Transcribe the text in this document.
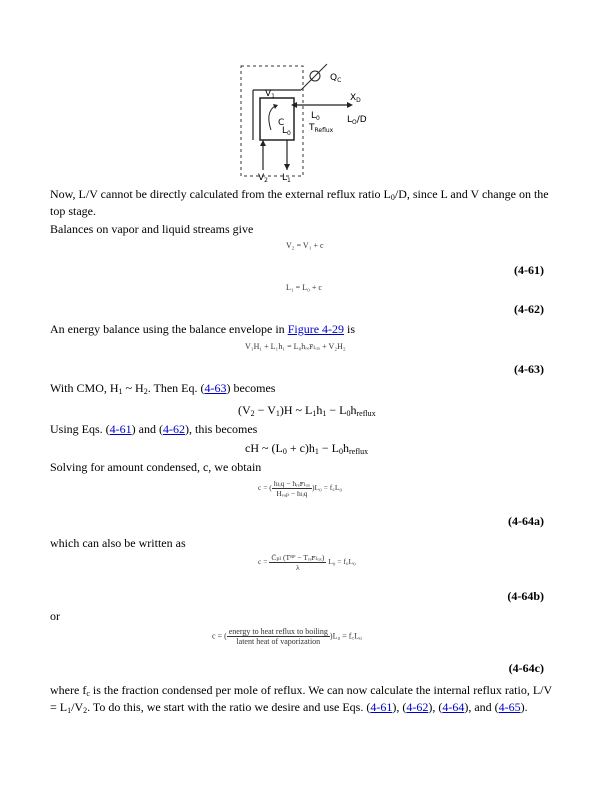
$Q_C$
$V_1$
C
$L_0$
$L_0$
$X_D$
$T_{Reflux}$
$L_O/D$
$V_2$ $L_1$
Now, L/V cannot be directly calculated from the external reflux ratio $L_0/D$, since L and V change on the top stage.
Balances on vapor and liquid streams give
V₂ = V₁ + c
(4-61)
L₁ = L₀ + c
(4-62)
An energy balance using the balance envelope in Figure 4-29 is
V₁H₁ + L₁h₁ = L₀hᵣₑꜰₗᵤₓ + V₂H₂
(4-63)
With CMO, $H_1$ ~ $H_2$. Then Eq. (4-63) becomes
$(V_2 - V_1)H$ ~ $L_1h_1 - L_0h_{reflux}$
Using Eqs. (4-61) and (4-62), this becomes
cH ~ $(L_0 + c)h_1 - L_0h_{reflux}$
Solving for amount condensed, c, we obtain
c = ( $\frac{\text{hₗᵢq − hᵣₑꜰₗᵤₓ}}{\text{Hᵥₐₚ − hₗᵢq}} )L_0$ = f꜀L₀
(4-64a)
which can also be written as
$c = \frac{\text{C̄ₚₗ (Tᴮᴾ − Tᵣₑꜰₗᵤₓ)}}{\lambda} L_0$ = f꜀L₀
(4-64b)
or
c = ( $\frac{\text{energy to heat reflux to boiling}}{\text{latent heat of vaporization}} )L_0$ = f꜀L₀
(4-64c)
where $f_c$ is the fraction condensed per mole of reflux. We can now calculate the internal reflux ratio, $L/V = L_1/V_2$. To do this, we start with the ratio we desire and use Eqs. (4-61), (4-62), (4-64), and (4-65).
